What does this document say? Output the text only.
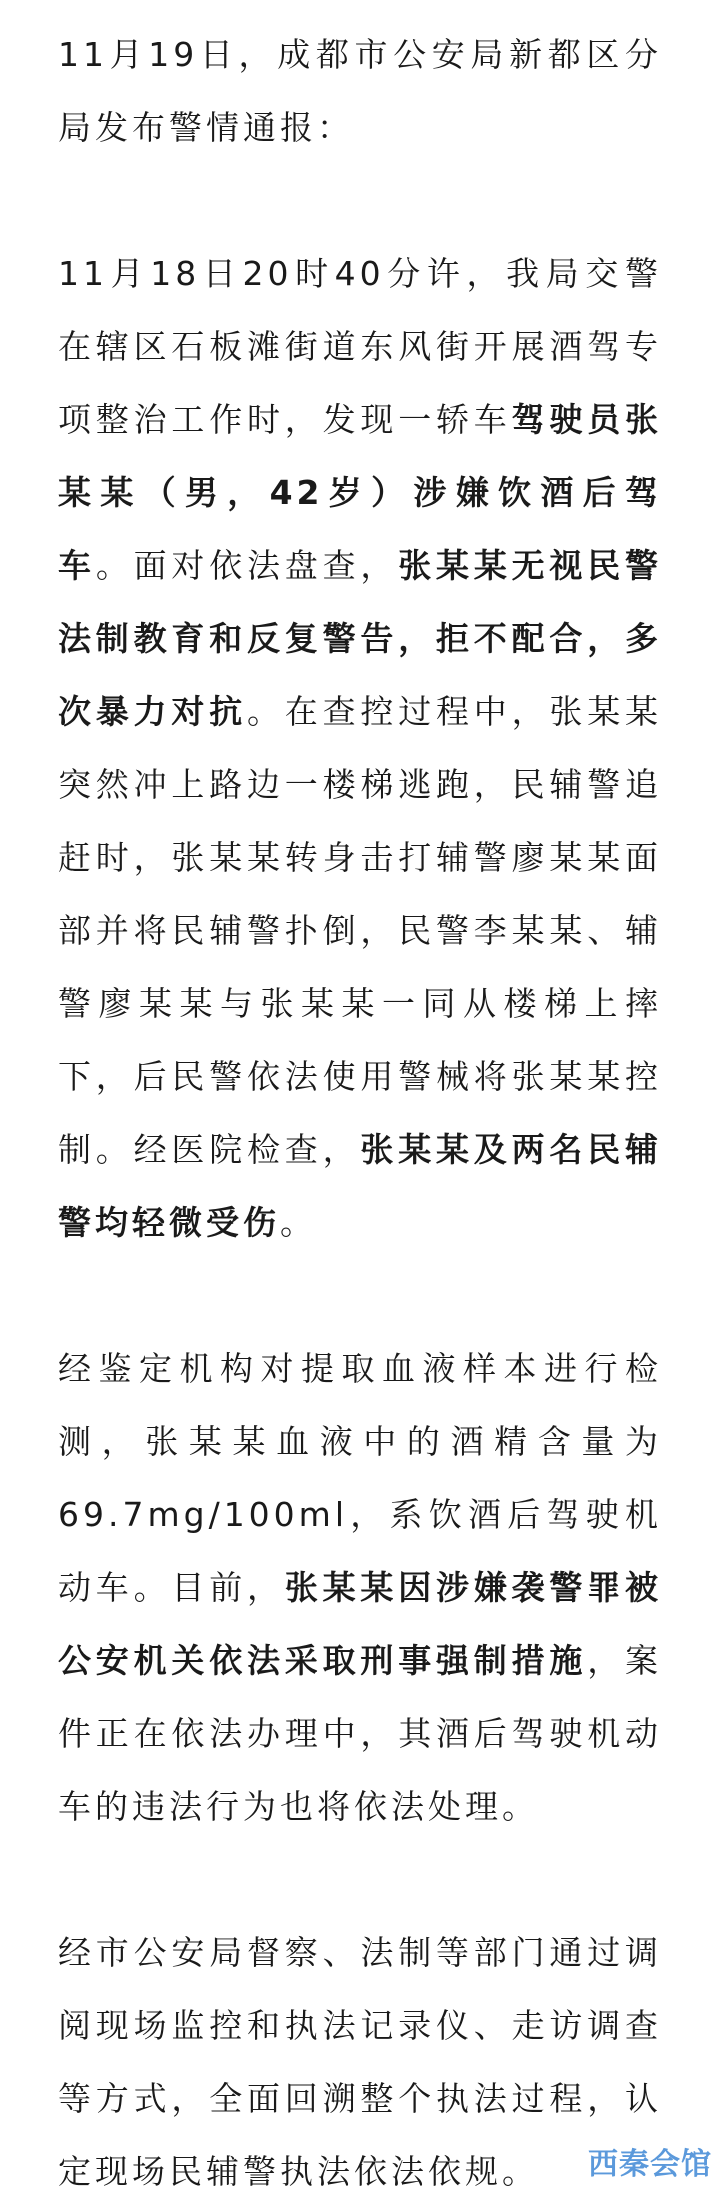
11月19日，成都市公安局新都区分局发布警情通报：

11月18日20时40分许，我局交警在辖区石板滩街道东风街开展酒驾专项整治工作时，发现一轿车驾驶员张某某（男，42岁）涉嫌饮酒后驾车。面对依法盘查，张某某无视民警法制教育和反复警告，拒不配合，多次暴力对抗。在查控过程中，张某某突然冲上路边一楼梯逃跑，民辅警追赶时，张某某转身击打辅警廖某某面部并将民辅警扑倒，民警李某某、辅警廖某某与张某某一同从楼梯上摔下，后民警依法使用警械将张某某控制。经医院检查，张某某及两名民辅警均轻微受伤。

经鉴定机构对提取血液样本进行检测，张某某血液中的酒精含量为69.7mg/100ml，系饮酒后驾驶机动车。目前，张某某因涉嫌袭警罪被公安机关依法采取刑事强制措施，案件正在依法办理中，其酒后驾驶机动车的违法行为也将依法处理。

经市公安局督察、法制等部门通过调阅现场监控和执法记录仪、走访调查等方式，全面回溯整个执法过程，认定现场民辅警执法依法依规。	西秦会馆
